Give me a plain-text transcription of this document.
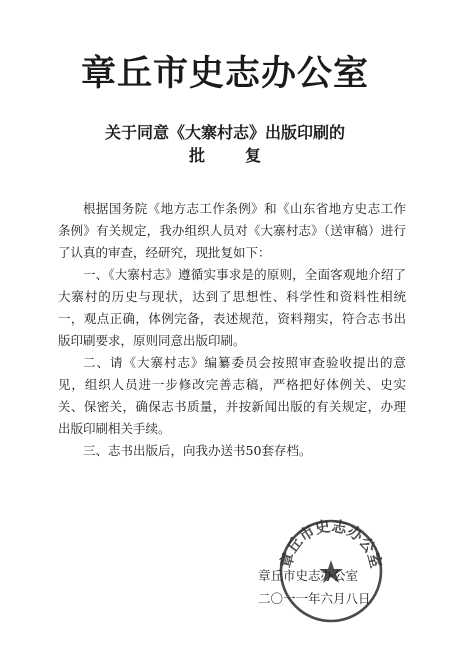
章丘市史志办公室
关于同意《大寨村志》出版印刷的
批复

根据国务院《地方志工作条例》和《山东省地方史志工作条例》有关规定，我办组织人员对《大寨村志》（送审稿）进行了认真的审查，经研究，现批复如下：

一、《大寨村志》遵循实事求是的原则，全面客观地介绍了大寨村的历史与现状，达到了思想性、科学性和资料性相统一，观点正确，体例完备，表述规范，资料翔实，符合志书出版印刷要求，原则同意出版印刷。

二、请《大寨村志》编纂委员会按照审查验收提出的意见，组织人员进一步修改完善志稿，严格把好体例关、史实关、保密关，确保志书质量，并按新闻出版的有关规定，办理出版印刷相关手续。

三、志书出版后，向我办送书50套存档。

章丘市史志办公室
章丘市史志办公室
二〇一一年六月八日
